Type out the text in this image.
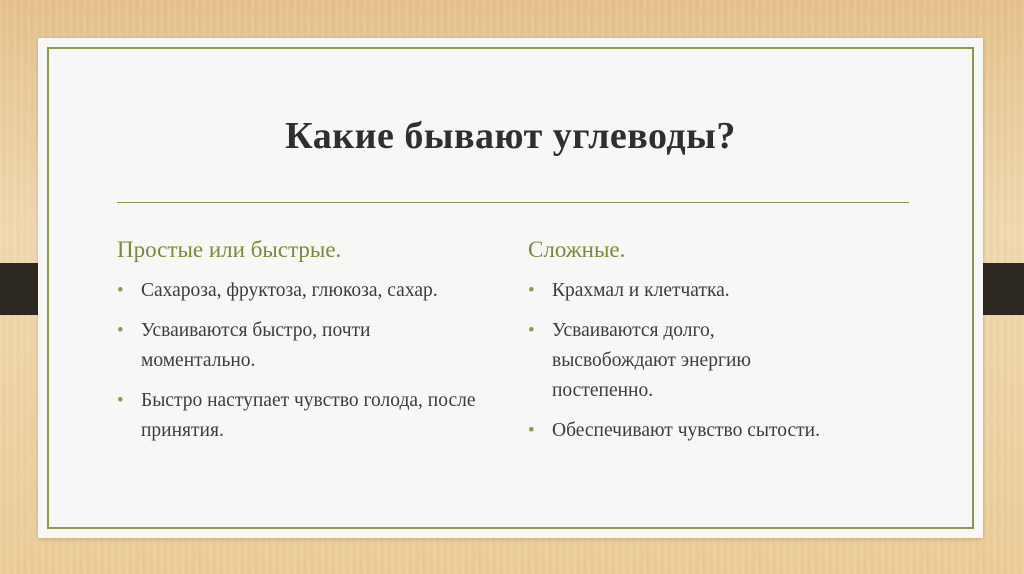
Какие бывают углеводы?

Простые или быстрые.

• Сахароза, фруктоза, глюкоза, сахар.
• Усваиваются быстро, почти моментально.
• Быстро наступает чувство голода, после принятия.

Сложные.

• Крахмал и клетчатка.
• Усваиваются долго, высвобождают энергию постепенно.
• Обеспечивают чувство сытости.
